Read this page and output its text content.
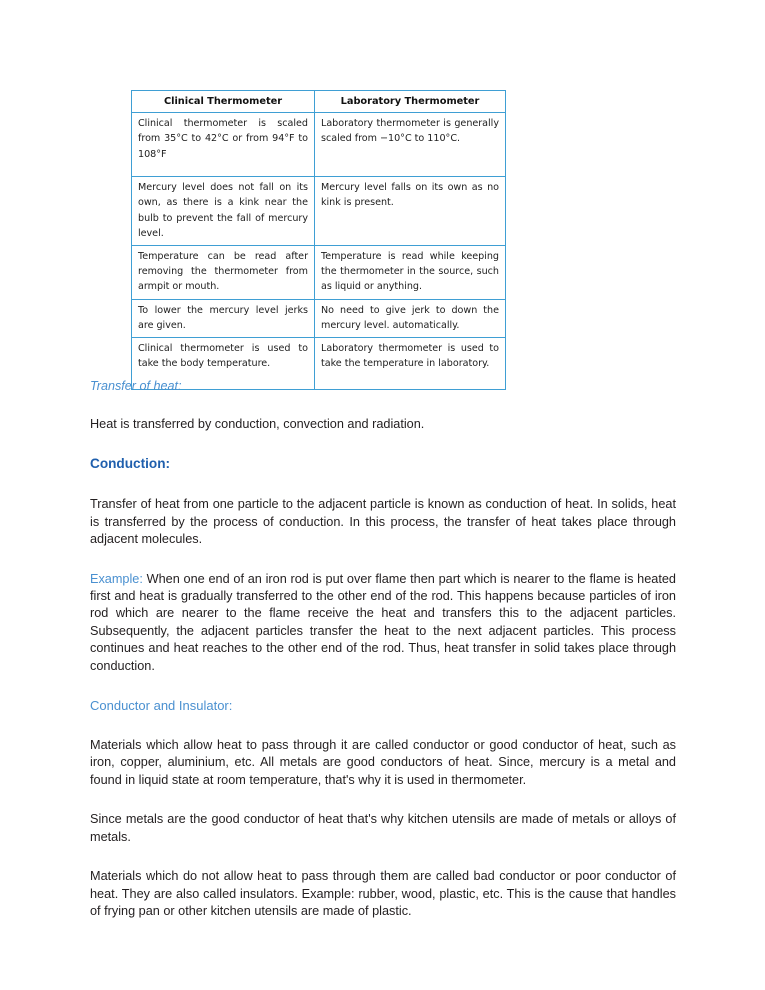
Clinical Thermometer	Laboratory Thermometer
Clinical thermometer is scaled from 35°C to 42°C or from 94°F to 108°F	Laboratory thermometer is generally scaled from −10°C to 110°C.
Mercury level does not fall on its own, as there is a kink near the bulb to prevent the fall of mercury level.	Mercury level falls on its own as no kink is present.
Temperature can be read after removing the thermometer from armpit or mouth.	Temperature is read while keeping the thermometer in the source, such as liquid or anything.
To lower the mercury level jerks are given.	No need to give jerk to down the mercury level. automatically.
Clinical thermometer is used to take the body temperature.	Laboratory thermometer is used to take the temperature in laboratory.
Transfer of heat:

Heat is transferred by conduction, convection and radiation.

Conduction:

Transfer of heat from one particle to the adjacent particle is known as conduction of heat. In solids, heat is transferred by the process of conduction. In this process, the transfer of heat takes place through adjacent molecules.

Example: When one end of an iron rod is put over flame then part which is nearer to the flame is heated first and heat is gradually transferred to the other end of the rod. This happens because particles of iron rod which are nearer to the flame receive the heat and transfers this to the adjacent particles. Subsequently, the adjacent particles transfer the heat to the next adjacent particles. This process continues and heat reaches to the other end of the rod. Thus, heat transfer in solid takes place through conduction.

Conductor and Insulator:

Materials which allow heat to pass through it are called conductor or good conductor of heat, such as iron, copper, aluminium, etc. All metals are good conductors of heat. Since, mercury is a metal and found in liquid state at room temperature, that's why it is used in thermometer.

Since metals are the good conductor of heat that's why kitchen utensils are made of metals or alloys of metals.

Materials which do not allow heat to pass through them are called bad conductor or poor conductor of heat. They are also called insulators. Example: rubber, wood, plastic, etc. This is the cause that handles of frying pan or other kitchen utensils are made of plastic.
